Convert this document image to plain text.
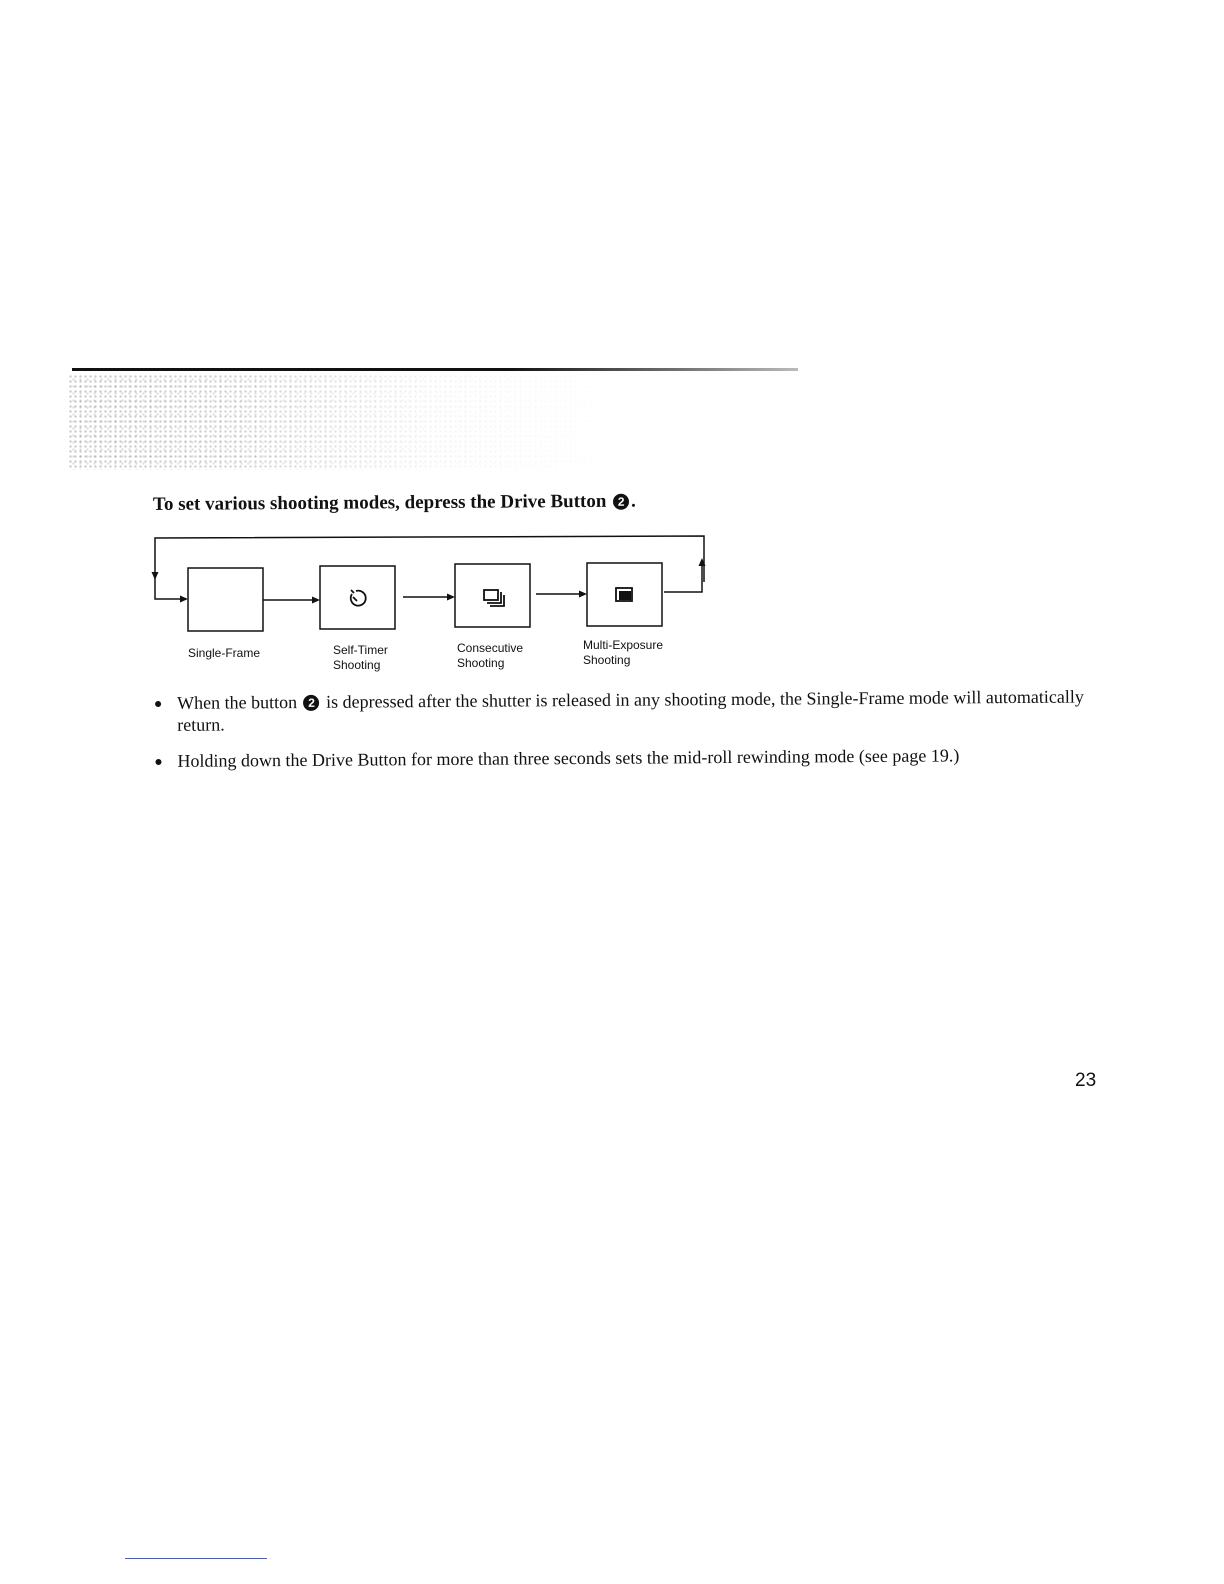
To set various shooting modes, depress the Drive Button 2 .
Single-Frame	Self-Timer
Shooting
Consecutive
Shooting
Multi-Exposure
Shooting
When the button 2 is depressed after the shutter is released in any shooting mode, the Single-Frame mode will automatically return.
Holding down the Drive Button for more than three seconds sets the mid-roll rewinding mode (see page 19.)
23
